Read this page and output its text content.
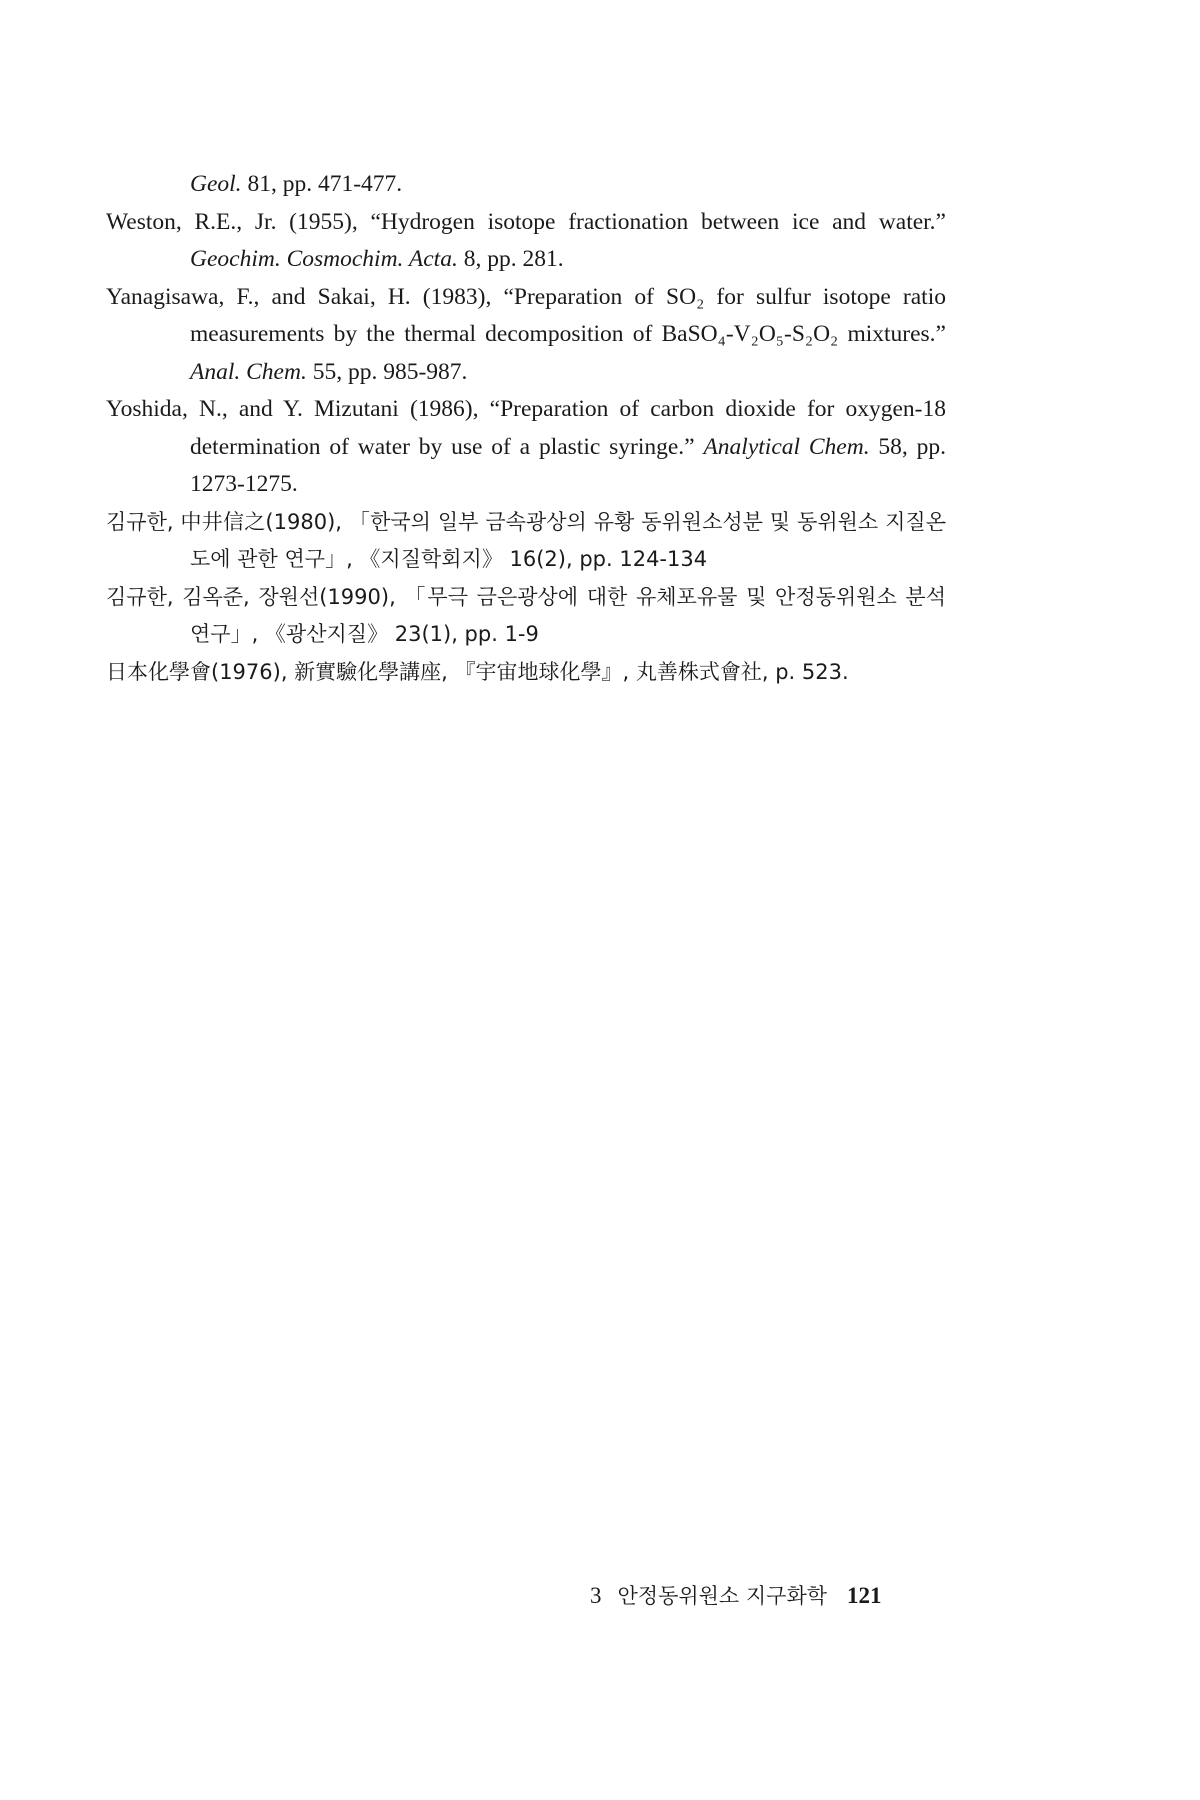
Geol. 81, pp. 471-477.

Weston, R.E., Jr. (1955), “Hydrogen isotope fractionation between ice and water.” Geochim. Cosmochim. Acta. 8, pp. 281.

Yanagisawa, F., and Sakai, H. (1983), “Preparation of SO₂ for sulfur isotope ratio measurements by the thermal decomposition of BaSO₄-V₂O₅-S₂O₂ mixtures.” Anal. Chem. 55, pp. 985-987.

Yoshida, N., and Y. Mizutani (1986), “Preparation of carbon dioxide for oxygen-18 determination of water by use of a plastic syringe.” Analytical Chem. 58, pp. 1273-1275.

김규한, 中井信之(1980), 「한국의 일부 금속광상의 유황 동위원소성분 및 동위원소 지질온도에 관한 연구」, 《지질학회지》 16(2), pp. 124-134

김규한, 김옥준, 장원선(1990), 「무극 금은광상에 대한 유체포유물 및 안정동위원소 분석연구」, 《광산지질》 23(1), pp. 1-9

日本化學會(1976), 新實驗化學講座, 『宇宙地球化學』, 丸善株式會社, p. 523.

3 안정동위원소 지구화학 121
